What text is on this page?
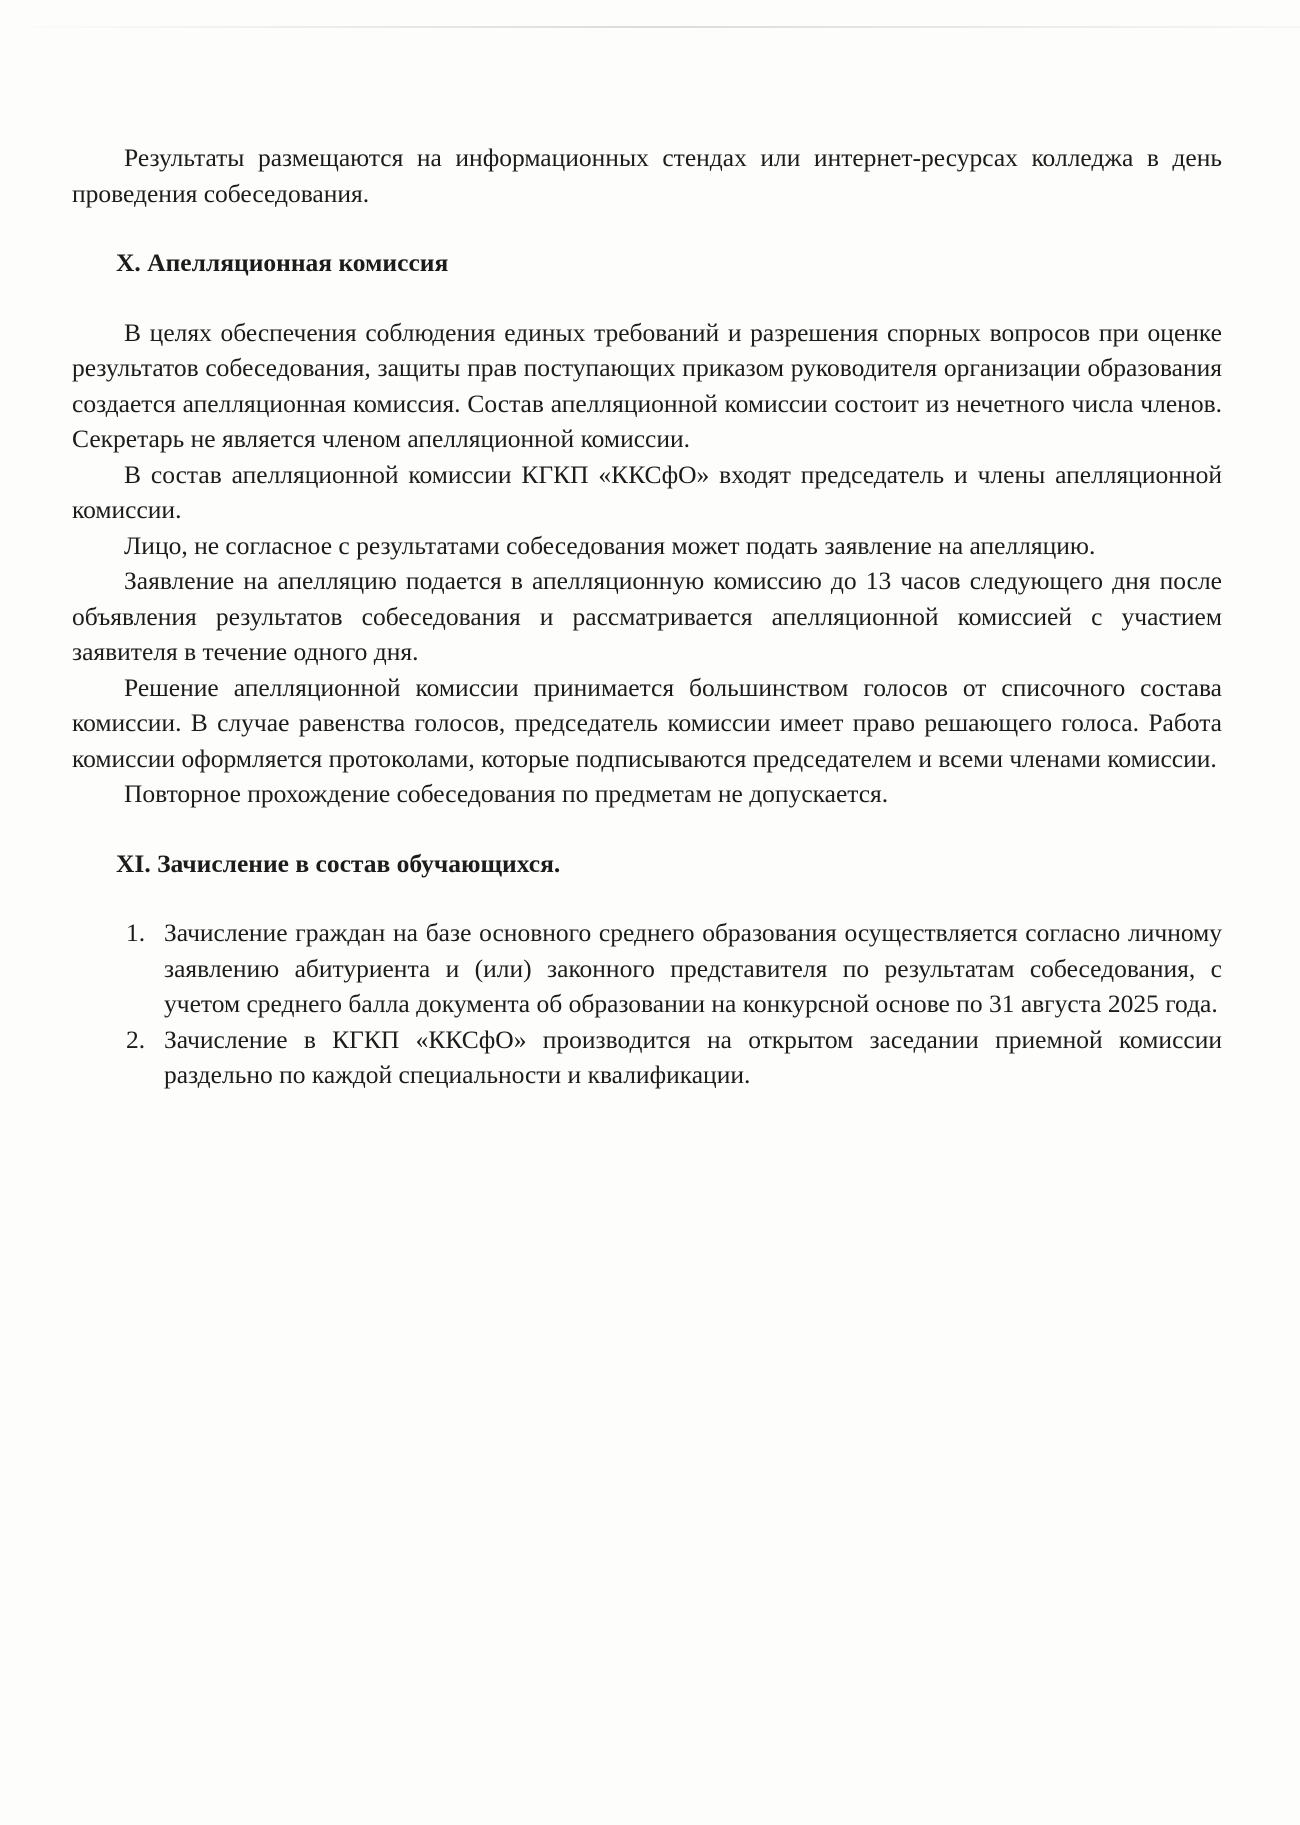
Результаты размещаются на информационных стендах или интернет-ресурсах колледжа в день проведения собеседования.

X. Апелляционная комиссия

В целях обеспечения соблюдения единых требований и разрешения спорных вопросов при оценке результатов собеседования, защиты прав поступающих приказом руководителя организации образования создается апелляционная комиссия. Состав апелляционной комиссии состоит из нечетного числа членов. Секретарь не является членом апелляционной комиссии.

В состав апелляционной комиссии КГКП «ККСфО» входят председатель и члены апелляционной комиссии.

Лицо, не согласное с результатами собеседования может подать заявление на апелляцию.

Заявление на апелляцию подается в апелляционную комиссию до 13 часов следующего дня после объявления результатов собеседования и рассматривается апелляционной комиссией с участием заявителя в течение одного дня.

Решение апелляционной комиссии принимается большинством голосов от списочного состава комиссии. В случае равенства голосов, председатель комиссии имеет право решающего голоса. Работа комиссии оформляется протоколами, которые подписываются председателем и всеми членами комиссии.

Повторное прохождение собеседования по предметам не допускается.

XI. Зачисление в состав обучающихся.
1. Зачисление граждан на базе основного среднего образования осуществляется согласно личному заявлению абитуриента и (или) законного представителя по результатам собеседования, с учетом среднего балла документа об образовании на конкурсной основе по 31 августа 2025 года.
2. Зачисление в КГКП «ККСфО» производится на открытом заседании приемной комиссии раздельно по каждой специальности и квалификации.
